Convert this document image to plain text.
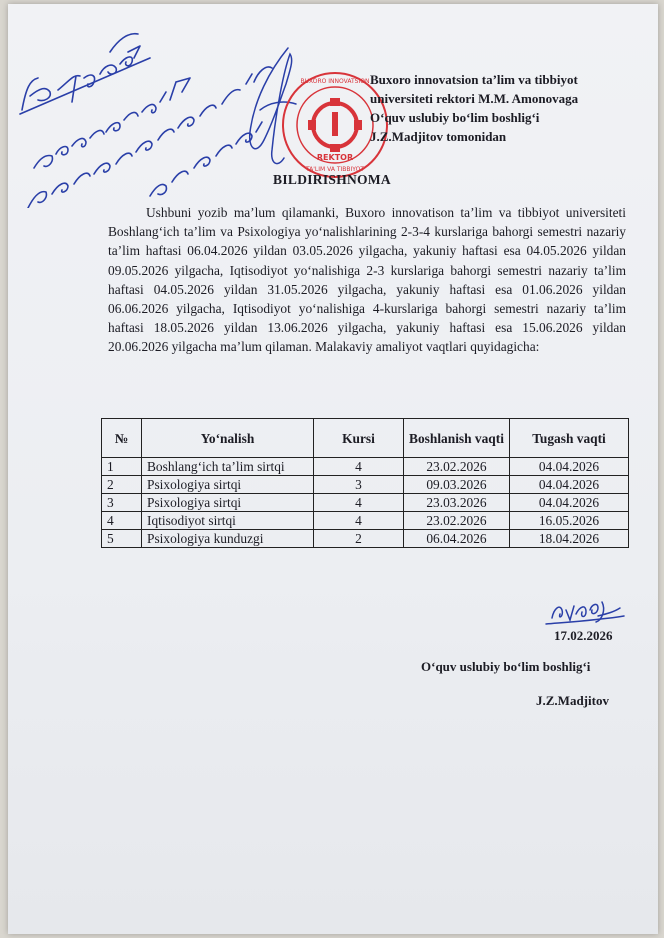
BUXORO INNOVATSION
TA'LIM VA TIBBIYOT
REKTOR
Buxoro innovatsion ta’lim va tibbiyot
universiteti rektori M.M. Amonovaga
O‘quv uslubiy bo‘lim boshlig‘i
J.Z.Madjitov tomonidan
BILDIRISHNOMA
Ushbuni yozib ma’lum qilamanki, Buxoro innovatison ta’lim va tibbiyot universiteti Boshlang‘ich ta’lim va Psixologiya yo‘nalishlarining 2-3-4 kurslariga bahorgi semestri nazariy ta’lim haftasi 06.04.2026 yildan 03.05.2026 yilgacha, yakuniy haftasi esa 04.05.2026 yildan 09.05.2026 yilgacha, Iqtisodiyot yo‘nalishiga 2-3 kurslariga bahorgi semestri nazariy ta’lim haftasi 04.05.2026 yildan 31.05.2026 yilgacha, yakuniy haftasi esa 01.06.2026 yildan 06.06.2026 yilgacha, Iqtisodiyot yo‘nalishiga 4-kurslariga bahorgi semestri nazariy ta’lim haftasi 18.05.2026 yildan 13.06.2026 yilgacha, yakuniy haftasi esa 15.06.2026 yildan 20.06.2026 yilgacha ma’lum qilaman. Malakaviy amaliyot vaqtlari quyidagicha:
№	Yo‘nalish	Kursi	Boshlanish vaqti	Tugash vaqti
1	Boshlang‘ich ta’lim sirtqi	4	23.02.2026	04.04.2026
2	Psixologiya sirtqi	3	09.03.2026	04.04.2026
3	Psixologiya sirtqi	4	23.03.2026	04.04.2026
4	Iqtisodiyot sirtqi	4	23.02.2026	16.05.2026
5	Psixologiya kunduzgi	2	06.04.2026	18.04.2026
17.02.2026
O‘quv uslubiy bo‘lim boshlig‘i
J.Z.Madjitov
